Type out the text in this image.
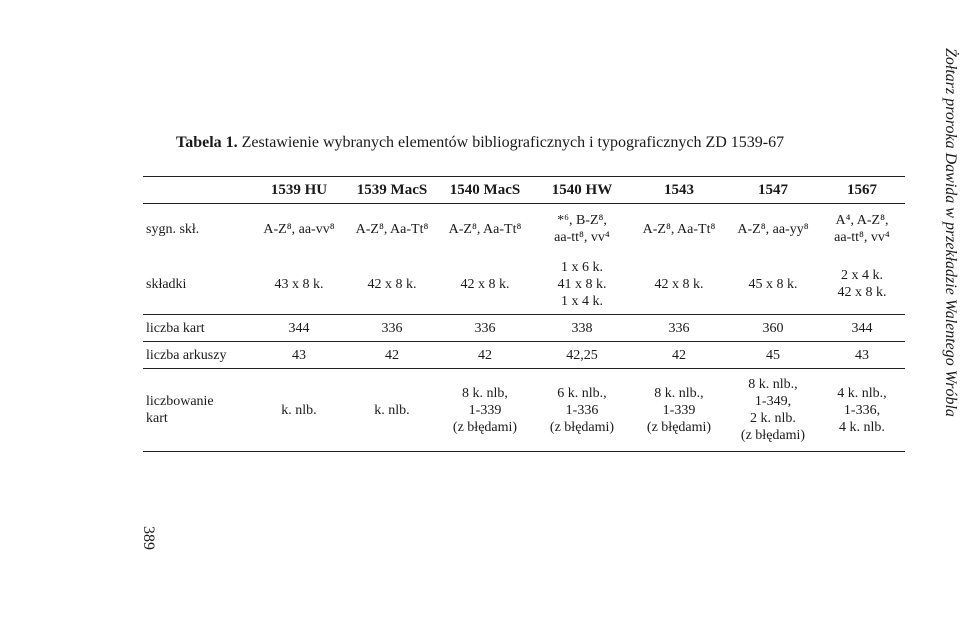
Tabela 1. Zestawienie wybranych elementów bibliograficznych i typograficznych ZD 1539-67
	1539 HU	1539 MacS	1540 MacS	1540 HW	1543	1547	1567
sygn. skł.	A-Z⁸, aa-vv⁸	A-Z⁸, Aa-Tt⁸	A-Z⁸, Aa-Tt⁸	*⁶, B-Z⁸,
aa-tt⁸, vv⁴	A-Z⁸, Aa-Tt⁸	A-Z⁸, aa-yy⁸	A⁴, A-Z⁸,
aa-tt⁸, vv⁴

składki	43 x 8 k.	42 x 8 k.	42 x 8 k.	1 x 6 k.
41 x 8 k.
1 x 4 k.	42 x 8 k.	45 x 8 k.	2 x 4 k.
42 x 8 k.

liczba kart	344	336	336	338	336	360	344
liczba arkuszy	43	42	42	42,25	42	45	43

liczbowanie
kart	k. nlb.	k. nlb.	8 k. nlb,
1-339
(z błędami)	6 k. nlb.,
1-336
(z błędami)	8 k. nlb.,
1-339
(z błędami)	8 k. nlb.,
1-349,
2 k. nlb.
(z błędami)	4 k. nlb.,
1-336,
4 k. nlb.
Żołtarz proroka Dawida w przekładzie Walentego Wróbla
389
